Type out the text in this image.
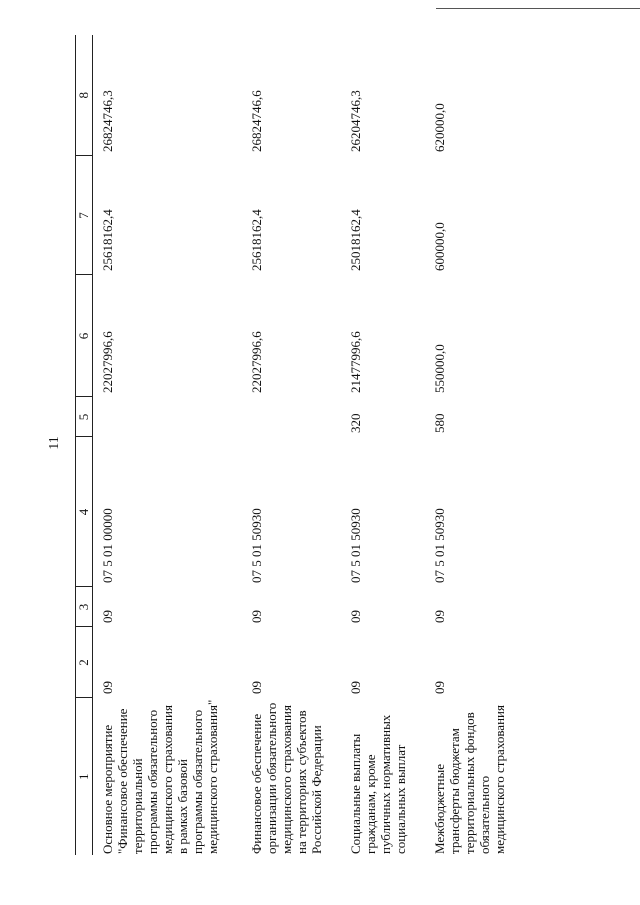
11
1	2	3	4	5	6	7	8
Основное мероприятие "Финансовое обеспечение территориальной программы обязательного медицинского страхования в рамках базовой программы обязательного медицинского страхования"	09	09	07 5 01 00000		22027996,6	25618162,4	26824746,3
Финансовое обеспечение организации обязательного медицинского страхования на территориях субъектов Российской Федерации	09	09	07 5 01 50930		22027996,6	25618162,4	26824746,6
Социальные выплаты гражданам, кроме публичных нормативных социальных выплат	09	09	07 5 01 50930	320	21477996,6	25018162,4	26204746,3
Межбюджетные трансферты бюджетам территориальных фондов обязательного медицинского страхования	09	09	07 5 01 50930	580	550000,0	600000,0	620000,0
